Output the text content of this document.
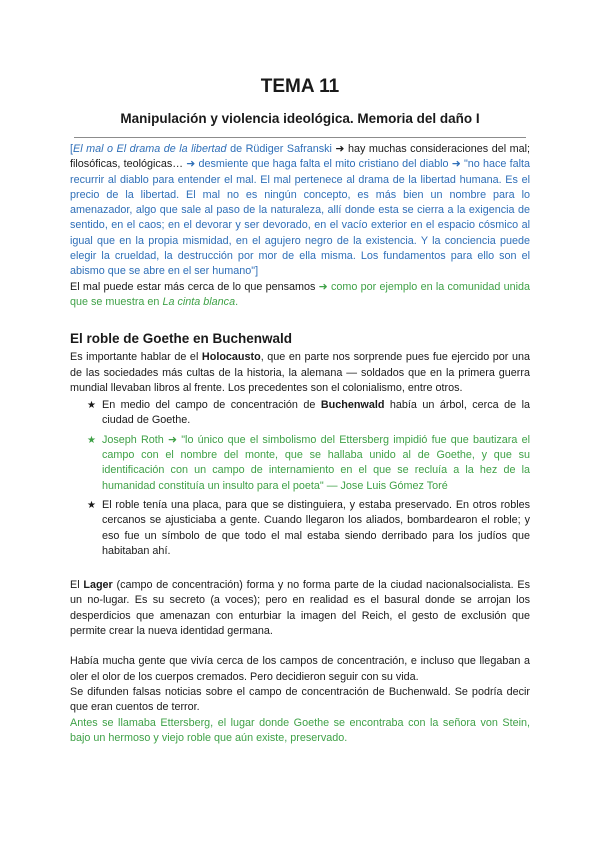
TEMA 11
Manipulación y violencia ideológica. Memoria del daño I

[El mal o El drama de la libertad de Rüdiger Safranski ➜ hay muchas consideraciones del mal; filosóficas, teológicas… ➜ desmiente que haga falta el mito cristiano del diablo ➜ "no hace falta recurrir al diablo para entender el mal. El mal pertenece al drama de la libertad humana. Es el precio de la libertad. El mal no es ningún concepto, es más bien un nombre para lo amenazador, algo que sale al paso de la naturaleza, allí donde esta se cierra a la exigencia de sentido, en el caos; en el devorar y ser devorado, en el vacío exterior en el espacio cósmico al igual que en la propia mismidad, en el agujero negro de la existencia. Y la conciencia puede elegir la crueldad, la destrucción por mor de ella misma. Los fundamentos para ello son el abismo que se abre en el ser humano"]

El mal puede estar más cerca de lo que pensamos ➜ como por ejemplo en la comunidad unida que se muestra en La cinta blanca.

El roble de Goethe en Buchenwald

Es importante hablar de el Holocausto, que en parte nos sorprende pues fue ejercido por una de las sociedades más cultas de la historia, la alemana — soldados que en la primera guerra mundial llevaban libros al frente. Los precedentes son el colonialismo, entre otros.

★ En medio del campo de concentración de Buchenwald había un árbol, cerca de la ciudad de Goethe.
★ Joseph Roth ➜ "lo único que el simbolismo del Ettersberg impidió fue que bautizara el campo con el nombre del monte, que se hallaba unido al de Goethe, y que su identificación con un campo de internamiento en el que se recluía a la hez de la humanidad constituía un insulto para el poeta" — Jose Luis Gómez Toré
★ El roble tenía una placa, para que se distinguiera, y estaba preservado. En otros robles cercanos se ajusticiaba a gente. Cuando llegaron los aliados, bombardearon el roble; y eso fue un símbolo de que todo el mal estaba siendo derribado para los judíos que habitaban ahí.

El Lager (campo de concentración) forma y no forma parte de la ciudad nacionalsocialista. Es un no-lugar. Es su secreto (a voces); pero en realidad es el basural donde se arrojan los desperdicios que amenazan con enturbiar la imagen del Reich, el gesto de exclusión que permite crear la nueva identidad germana.

Había mucha gente que vivía cerca de los campos de concentración, e incluso que llegaban a oler el olor de los cuerpos cremados. Pero decidieron seguir con su vida.

Se difunden falsas noticias sobre el campo de concentración de Buchenwald. Se podría decir que eran cuentos de terror.

Antes se llamaba Ettersberg, el lugar donde Goethe se encontraba con la señora von Stein, bajo un hermoso y viejo roble que aún existe, preservado.
